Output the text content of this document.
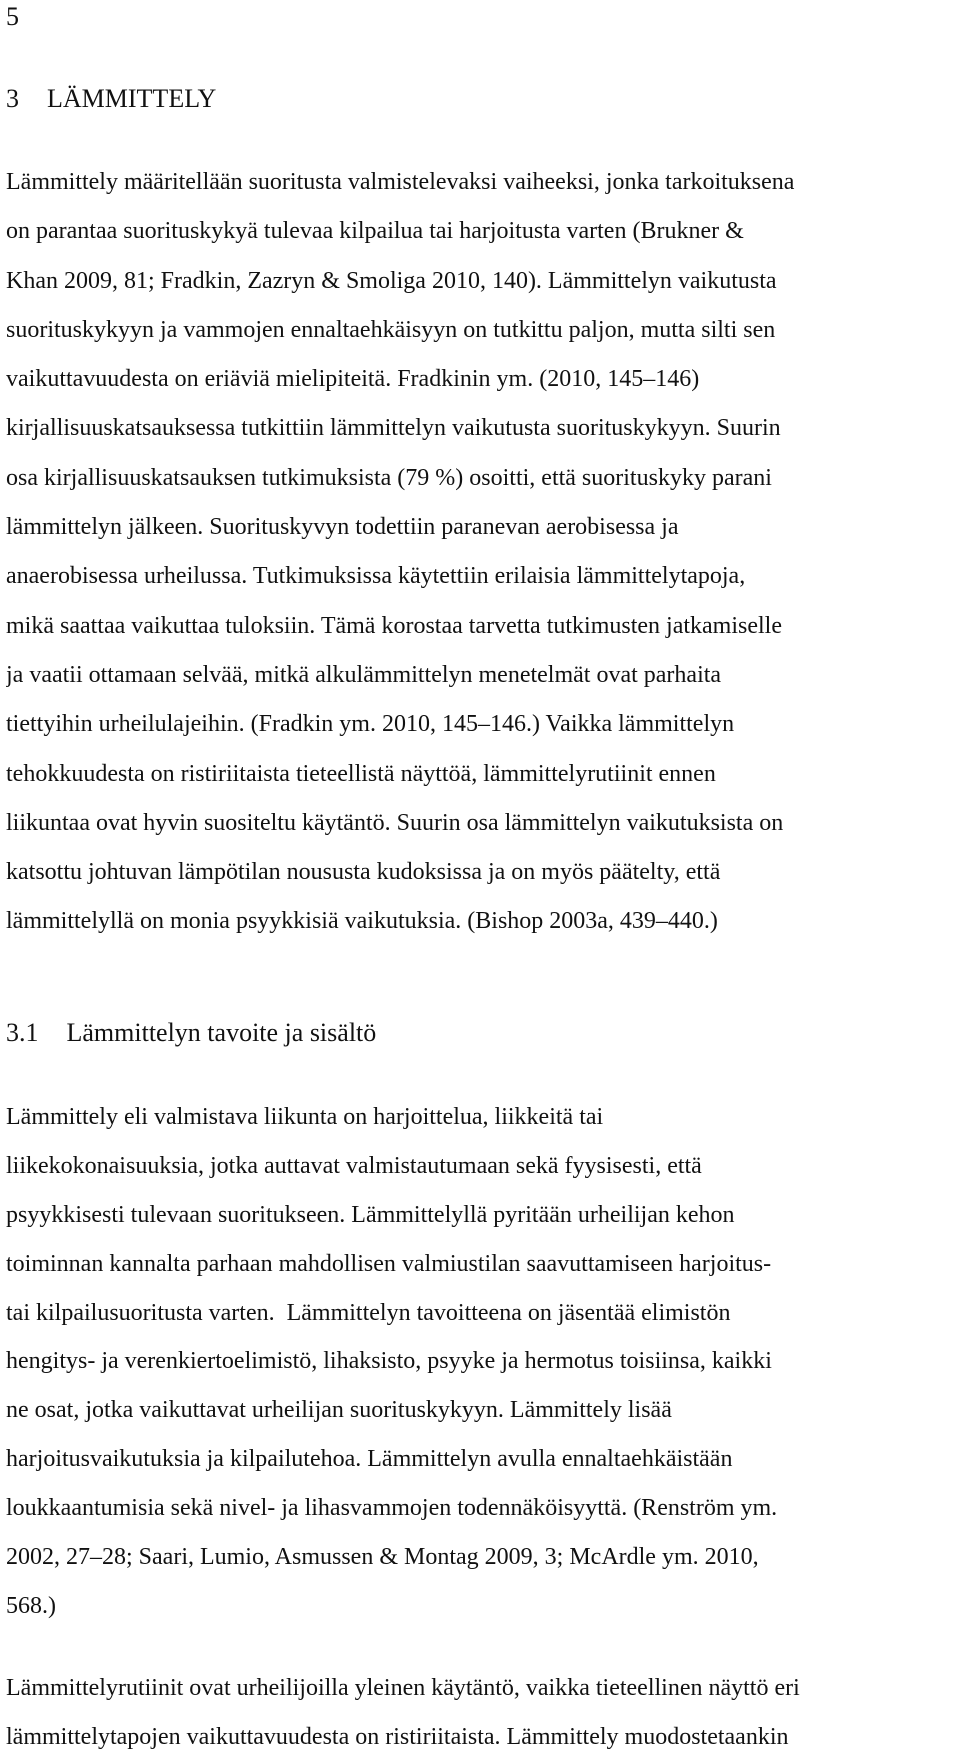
5
3 LÄMMITTELY

Lämmittely määritellään suoritusta valmistelevaksi vaiheeksi, jonka tarkoituksena
on parantaa suorituskykyä tulevaa kilpailua tai harjoitusta varten (Brukner &
Khan 2009, 81; Fradkin, Zazryn & Smoliga 2010, 140). Lämmittelyn vaikutusta
suorituskykyyn ja vammojen ennaltaehkäisyyn on tutkittu paljon, mutta silti sen
vaikuttavuudesta on eriäviä mielipiteitä. Fradkinin ym. (2010, 145–146)
kirjallisuuskatsauksessa tutkittiin lämmittelyn vaikutusta suorituskykyyn. Suurin
osa kirjallisuuskatsauksen tutkimuksista (79 %) osoitti, että suorituskyky parani
lämmittelyn jälkeen. Suorituskyvyn todettiin paranevan aerobisessa ja
anaerobisessa urheilussa. Tutkimuksissa käytettiin erilaisia lämmittelytapoja,
mikä saattaa vaikuttaa tuloksiin. Tämä korostaa tarvetta tutkimusten jatkamiselle
ja vaatii ottamaan selvää, mitkä alkulämmittelyn menetelmät ovat parhaita
tiettyihin urheilulajeihin. (Fradkin ym. 2010, 145–146.) Vaikka lämmittelyn
tehokkuudesta on ristiriitaista tieteellistä näyttöä, lämmittelyrutiinit ennen
liikuntaa ovat hyvin suositeltu käytäntö. Suurin osa lämmittelyn vaikutuksista on
katsottu johtuvan lämpötilan noususta kudoksissa ja on myös päätelty, että
lämmittelyllä on monia psyykkisiä vaikutuksia. (Bishop 2003a, 439–440.)

3.1 Lämmittelyn tavoite ja sisältö

Lämmittely eli valmistava liikunta on harjoittelua, liikkeitä tai
liikekokonaisuuksia, jotka auttavat valmistautumaan sekä fyysisesti, että
psyykkisesti tulevaan suoritukseen. Lämmittelyllä pyritään urheilijan kehon
toiminnan kannalta parhaan mahdollisen valmiustilan saavuttamiseen harjoitus-
tai kilpailusuoritusta varten.  Lämmittelyn tavoitteena on jäsentää elimistön
hengitys- ja verenkiertoelimistö, lihaksisto, psyyke ja hermotus toisiinsa, kaikki
ne osat, jotka vaikuttavat urheilijan suorituskykyyn. Lämmittely lisää
harjoitusvaikutuksia ja kilpailutehoa. Lämmittelyn avulla ennaltaehkäistään
loukkaantumisia sekä nivel- ja lihasvammojen todennäköisyyttä. (Renström ym.
2002, 27–28; Saari, Lumio, Asmussen & Montag 2009, 3; McArdle ym. 2010,
568.)

Lämmittelyrutiinit ovat urheilijoilla yleinen käytäntö, vaikka tieteellinen näyttö eri
lämmittelytapojen vaikuttavuudesta on ristiriitaista. Lämmittely muodostetaankin
